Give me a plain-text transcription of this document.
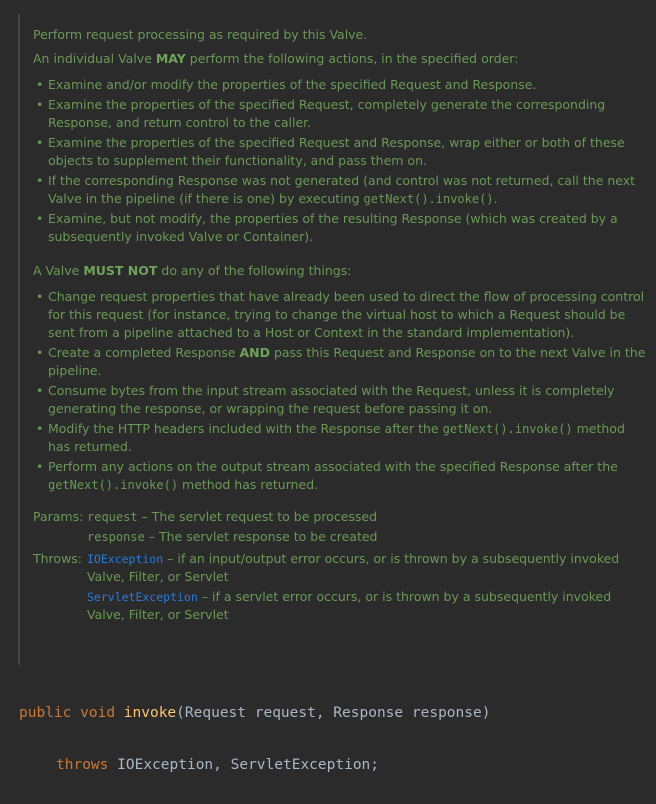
Perform request processing as required by this Valve.

An individual Valve MAY perform the following actions, in the specified order:

• Examine and/or modify the properties of the specified Request and Response.
• Examine the properties of the specified Request, completely generate the corresponding Response, and return control to the caller.
• Examine the properties of the specified Request and Response, wrap either or both of these objects to supplement their functionality, and pass them on.
• If the corresponding Response was not generated (and control was not returned, call the next Valve in the pipeline (if there is one) by executing getNext().invoke().
• Examine, but not modify, the properties of the resulting Response (which was created by a subsequently invoked Valve or Container).

A Valve MUST NOT do any of the following things:

• Change request properties that have already been used to direct the flow of processing control for this request (for instance, trying to change the virtual host to which a Request should be sent from a pipeline attached to a Host or Context in the standard implementation).
• Create a completed Response AND pass this Request and Response on to the next Valve in the pipeline.
• Consume bytes from the input stream associated with the Request, unless it is completely generating the response, or wrapping the request before passing it on.
• Modify the HTTP headers included with the Response after the getNext().invoke() method has returned.
• Perform any actions on the output stream associated with the specified Response after the getNext().invoke() method has returned.
Params: request – The servlet request to be processed
response – The servlet response to be created
Throws: IOException – if an input/output error occurs, or is thrown by a subsequently invoked Valve, Filter, or Servlet
ServletException – if a servlet error occurs, or is thrown by a subsequently invoked Valve, Filter, or Servlet

public void invoke(Request request, Response response)

throws IOException, ServletException;
